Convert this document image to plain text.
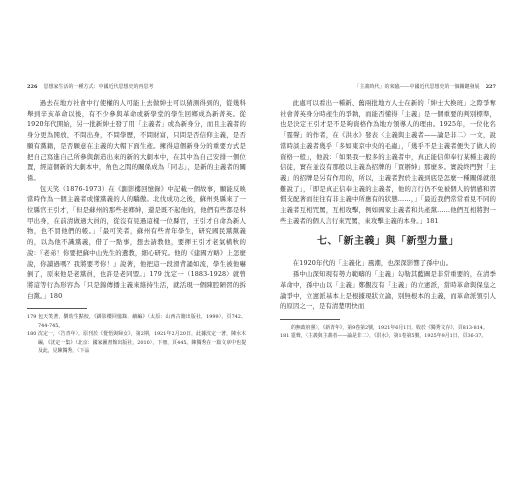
226 思想家生活的一種方式：中國近代思想史的再思考

過去在地方社會中行使權的人可能上去做紳士可以猜測得到的，從幾科舉到辛亥革命以後，有不少參與革命或新學堂的學生回鄉成為新菁英。從1920年代開始，另一批新紳士發了用「主義者」或為新身分，而且主義者的身分更為開放，不問出身，不問學歷，不問財富，只問是否信仰主義，是否願有黨籍，是否願意在主義的大帽下面生產。擁得這個新身分的重要方式是把自己寫進自己所參與創造出來的新的大劇本中，在其中為自己安排一個位置，經這個新的大劇本中，角色之間的關係成為「同志」，是新的主義者的關係。

包天笑（1876-1973）在《釧影樓回憶錄》中記載一個故事，願能反映當時作為一個主義者或懂黨義的人的驕傲。北伐成功之後，蘇州吳縣來了一位縣官王引才，「但是蘇州的那些老鄉紳，還是既不起他的，他們有些都是科甲出身，在前清做過大員的，從沒有見過這樣一位縣官，王引才自命為新人物，也不買他們的帳。」「最可笑者，蘇州有些青年學生，研究國民黨黨義的，以為他不識黨義，借了一點事，想去請教他，要揮王引才老氣橫秋的說：『老弟！你要把蘇中山先生的遺教，細心研究。他的《建國方略》上怎麼說，你讀過嗎？我將要考你！』說著，他把這一段滑背誦如流，學生被他嚇倒了，原來他是老黨員，也許是老同盟。」179 沈定一（1883-1928）就曾將這等行為形容為「只是錦傳播主義來維持生活，就活現一個陳腔陋習的拆白黨。」180

179 包天笑著，劉幼生點校，《釧影樓回憶錄．續編》（太原：山西古籍出版社，1999），頁742、744-745。

180 沈定一，〈告青年〉，原刊於《覺悟與婦女》，第2期，1921年2月20日，此據沈定一著，陳水木編，《沈定一集》（北京：國家圖書館出版社，2010），下冊，頁445。陳獨秀在一篇文章中也提及此，見陳獨秀，〈下品

「主義時代」的來臨——中國近代思想史的一個關鍵發展 227

此處可以看出一種新、舊兩批地方人士在新的「紳士大換班」之際爭奪社會菁英身分時產生的爭執，而能否懂得「主義」是一個重要的判別標準，也是決定王引才是不是夠資格作為地方領導人的理由。1925年，一位化名「霆聲」的作者，在《洪水》發表〈主義與主義者——論是非二〉一文，說當時談主義者幾乎「多如東京中央的毛蟲」，「幾乎不是主義者便失了做人的資格一般」，他說：「如果我一般多的主義者中，真正能信仰奉行某種主義的信徒，實在並沒有那般以主義為招牌的「買辦紳」那麼多。實說終門對「主義」的招牌是另有作用的，所以，主義者對於主義到底是怎麼一種關係就很難說了」，「即是真正信奉主義的主義者，他的言行仍不免被個人的情感和習慣支配著而往往有非主義中所應有的狀態……，」「最近我們常常看見不同的主義者互相咒罵，互相攻擊，例如國家主義者和共產黨……他們互相將對一些主義者的個人言行來咒罵，來攻擊主義的本身。」181

七、「新主義」與「新型力量」

在1920年代的「主義化」風潮，也深深影響了孫中山。

孫中山深知現有勢力範疇的「主義」勾勒其藍圖是非常重要的，在清季革命中，孫中山以「主義」鄭覲沒有「主義」的立憲派，當時革命與保皇之論爭中，立憲派基本上是根據現狀立論，別無根本的主義，而革命派領引人的原因之一，是有清楚明快而

的無政府黨〉，《新青年》，第9卷第2號，1921年6月1日，收於《獨秀文存》，頁813-814。

181 霆聲，〈主義與主義者——論是非二〉，《洪水》，第1卷第5號，1925年9月1日，頁36-37。
